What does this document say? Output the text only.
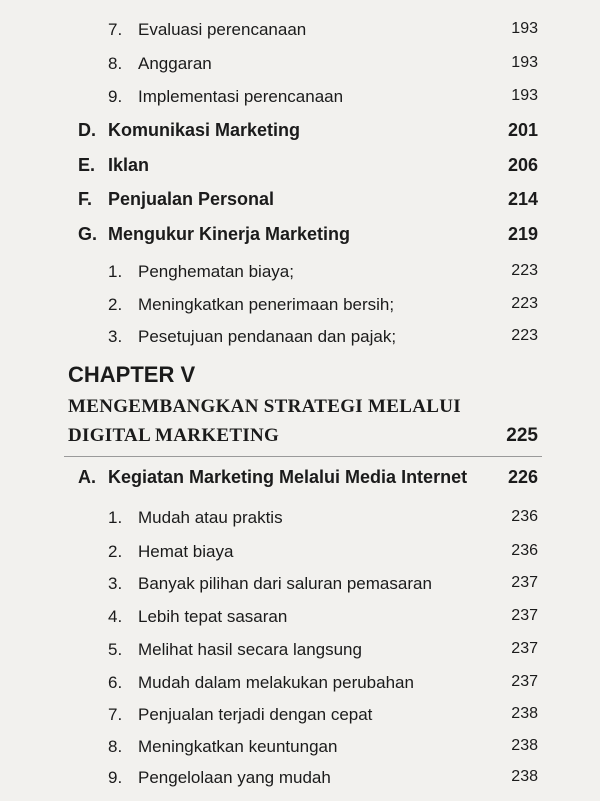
7. Evaluasi perencanaan	193
8. Anggaran	193
9. Implementasi perencanaan	193
D. Komunikasi Marketing	201
E. Iklan	206
F. Penjualan Personal	214
G. Mengukur Kinerja Marketing	219
1. Penghematan biaya;	223
2. Meningkatkan penerimaan bersih;	223
3. Pesetujuan pendanaan dan pajak;	223
CHAPTER V
MENGEMBANGKAN STRATEGI MELALUI
DIGITAL MARKETING	225
A. Kegiatan Marketing Melalui Media Internet 226
1. Mudah atau praktis	236
2. Hemat biaya	236
3. Banyak pilihan dari saluran pemasaran	237
4. Lebih tepat sasaran	237
5. Melihat hasil secara langsung	237
6. Mudah dalam melakukan perubahan	237
7. Penjualan terjadi dengan cepat	238
8. Meningkatkan keuntungan	238
9. Pengelolaan yang mudah	238
